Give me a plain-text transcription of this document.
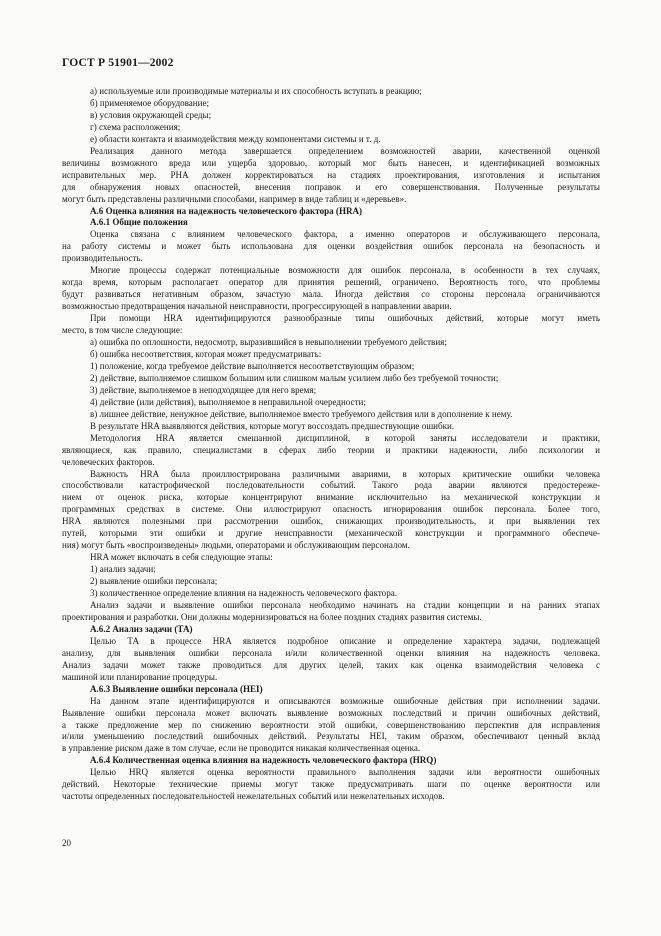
ГОСТ Р 51901—2002

а) используемые или производимые материалы и их способность вступать в реакцию;

б) применяемое оборудование;

в) условия окружающей среды;

г) схема расположения;

е) области контакта и взаимодействия между компонентами системы и т. д.

Реализация данного метода завершается определением возможностей аварии, качественной оценкой

величины возможного вреда или ущерба здоровью, который мог быть нанесен, и идентификацией возможных

исправительных мер. PHA должен корректироваться на стадиях проектирования, изготовления и испытания

для обнаружения новых опасностей, внесения поправок и его совершенствования. Полученные результаты

могут быть представлены различными способами, например в виде таблиц и «деревьев».

А.6 Оценка влияния на надежность человеческого фактора (HRA)

А.6.1 Общие положения

Оценка связана с влиянием человеческого фактора, а именно операторов и обслуживающего персонала,

на работу системы и может быть использована для оценки воздействия ошибок персонала на безопасность и

производительность.

Многие процессы содержат потенциальные возможности для ошибок персонала, в особенности в тех случаях,

когда время, которым располагает оператор для принятия решений, ограничено. Вероятность того, что проблемы

будут развиваться негативным образом, зачастую мала. Иногда действия со стороны персонала ограничиваются

возможностью предотвращения начальной неисправности, прогрессирующей в направлении аварии.

При помощи HRA идентифицируются разнообразные типы ошибочных действий, которые могут иметь

место, в том числе следующие:

а) ошибка по оплошности, недосмотр, выразившийся в невыполнении требуемого действия;

б) ошибка несоответствия, которая может предусматривать:

1) положение, когда требуемое действие выполняется несоответствующим образом;

2) действие, выполняемое слишком большим или слишком малым усилием либо без требуемой точности;

3) действие, выполняемое в неподходящее для него время;

4) действие (или действия), выполняемое в неправильной очередности;

в) лишнее действие, ненужное действие, выполняемое вместо требуемого действия или в дополнение к нему.

В результате HRA выявляются действия, которые могут воссоздать предшествующие ошибки.

Методология HRA является смешанной дисциплиной, в которой заняты исследователи и практики,

являющиеся, как правило, специалистами в сферах либо теории и практики надежности, либо психологии и

человеческих факторов.

Важность HRA была проиллюстрирована различными авариями, в которых критические ошибки человека

способствовали катастрофической последовательности событий. Такого рода аварии являются предостереже-

нием от оценок риска, которые концентрируют внимание исключительно на механической конструкции и

программных средствах в системе. Они иллюстрируют опасность игнорирования ошибок персонала. Более того,

HRA являются полезными при рассмотрении ошибок, снижающих производительность, и при выявлении тех

путей, которыми эти ошибки и другие неисправности (механической конструкции и программного обеспече-

ния) могут быть «воспроизведены» людьми, операторами и обслуживающим персоналом.

HRA может включать в себя следующие этапы:

1) анализ задачи;

2) выявление ошибки персонала;

3) количественное определение влияния на надежность человеческого фактора.

Анализ задачи и выявление ошибки персонала необходимо начинать на стадии концепции и на ранних этапах

проектирования и разработки. Они должны модернизироваться на более поздних стадиях развития системы.

А.6.2 Анализ задачи (ТА)

Целью ТА в процессе HRA является подробное описание и определение характера задачи, подлежащей

анализу, для выявления ошибки персонала и/или количественной оценки влияния на надежность человека.

Анализ задачи может также проводиться для других целей, таких как оценка взаимодействия человека с

машиной или планирование процедуры.

А.6.3 Выявление ошибки персонала (HEI)

На данном этапе идентифицируются и описываются возможные ошибочные действия при исполнении задачи.

Выявление ошибки персонала может включать выявление возможных последствий и причин ошибочных действий,

а также предложение мер по снижению вероятности этой ошибки, совершенствованию перспектив для исправления

и/или уменьшению последствий ошибочных действий. Результаты HEI, таким образом, обеспечивают ценный вклад

в управление риском даже в том случае, если не проводится никакая количественная оценка.

А.6.4 Количественная оценка влияния на надежность человеческого фактора (HRQ)

Целью HRQ является оценка вероятности правильного выполнения задачи или вероятности ошибочных

действий. Некоторые технические приемы могут также предусматривать шаги по оценке вероятности или

частоты определенных последовательностей нежелательных событий или нежелательных исходов.

20
